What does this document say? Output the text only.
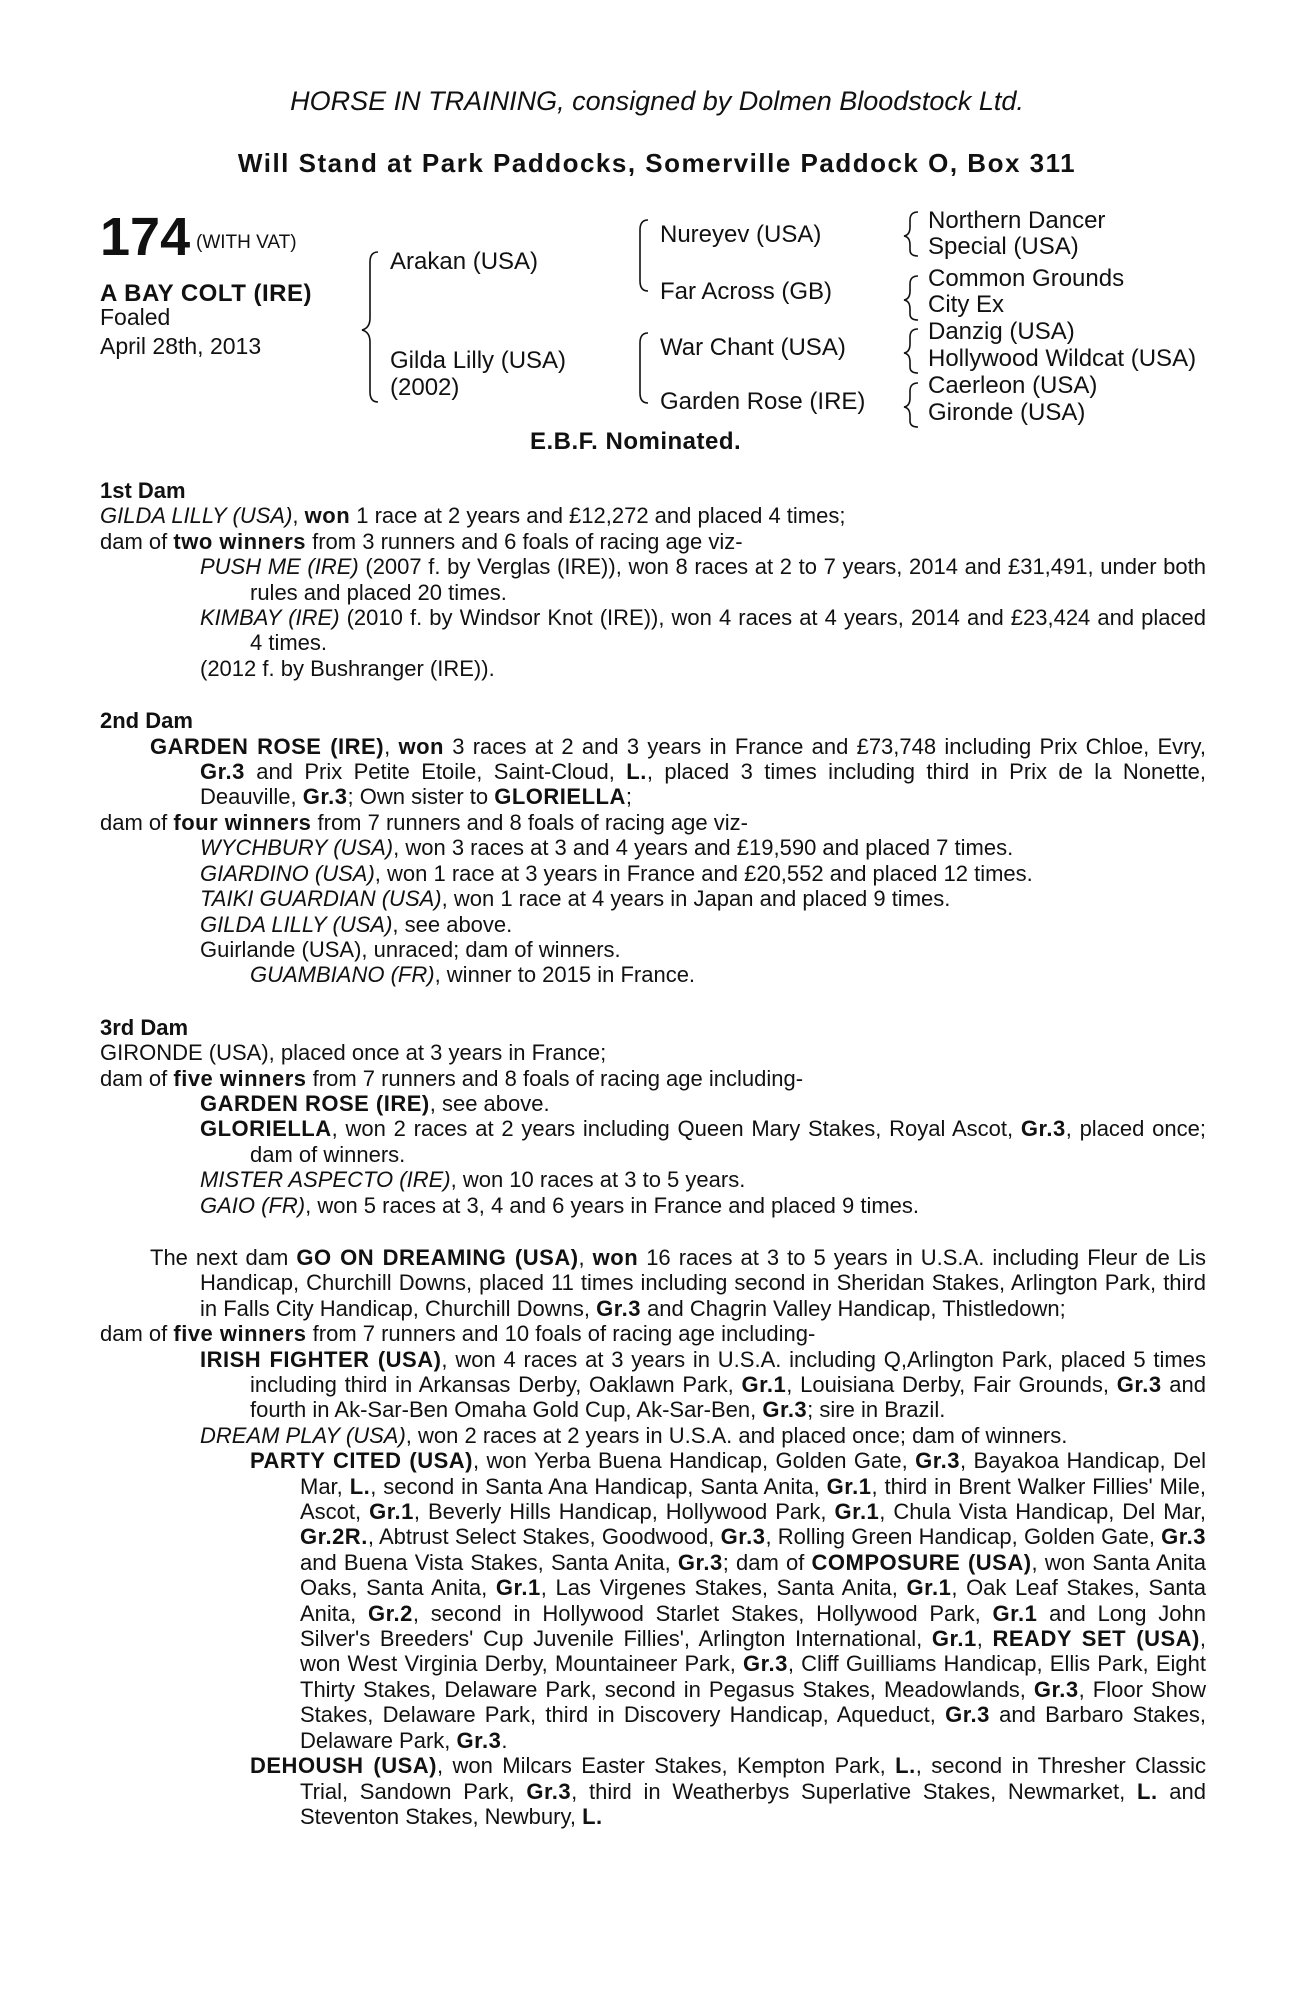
HORSE IN TRAINING, consigned by Dolmen Bloodstock Ltd.
Will Stand at Park Paddocks, Somerville Paddock O, Box 311
174 (WITH VAT)
A BAY COLT (IRE)
Foaled
April 28th, 2013
Arakan (USA)
Gilda Lilly (USA)
(2002)
Nureyev (USA)
Far Across (GB)
War Chant (USA)
Garden Rose (IRE)
Northern Dancer
Special (USA)
Common Grounds
City Ex
Danzig (USA)
Hollywood Wildcat (USA)
Caerleon (USA)
Gironde (USA)
E.B.F. Nominated.

1st Dam

GILDA LILLY (USA), won 1 race at 2 years and £12,272 and placed 4 times;

dam of two winners from 3 runners and 6 foals of racing age viz-

PUSH ME (IRE) (2007 f. by Verglas (IRE)), won 8 races at 2 to 7 years, 2014 and £31,491, under both rules and placed 20 times.

KIMBAY (IRE) (2010 f. by Windsor Knot (IRE)), won 4 races at 4 years, 2014 and £23,424 and placed 4 times.

(2012 f. by Bushranger (IRE)).

2nd Dam

GARDEN ROSE (IRE), won 3 races at 2 and 3 years in France and £73,748 including Prix Chloe, Evry, Gr.3 and Prix Petite Etoile, Saint-Cloud, L., placed 3 times including third in Prix de la Nonette, Deauville, Gr.3; Own sister to GLORIELLA;

dam of four winners from 7 runners and 8 foals of racing age viz-

WYCHBURY (USA), won 3 races at 3 and 4 years and £19,590 and placed 7 times.

GIARDINO (USA), won 1 race at 3 years in France and £20,552 and placed 12 times.

TAIKI GUARDIAN (USA), won 1 race at 4 years in Japan and placed 9 times.

GILDA LILLY (USA), see above.

Guirlande (USA), unraced; dam of winners.

GUAMBIANO (FR), winner to 2015 in France.

3rd Dam

GIRONDE (USA), placed once at 3 years in France;

dam of five winners from 7 runners and 8 foals of racing age including-

GARDEN ROSE (IRE), see above.

GLORIELLA, won 2 races at 2 years including Queen Mary Stakes, Royal Ascot, Gr.3, placed once; dam of winners.

MISTER ASPECTO (IRE), won 10 races at 3 to 5 years.

GAIO (FR), won 5 races at 3, 4 and 6 years in France and placed 9 times.

The next dam GO ON DREAMING (USA), won 16 races at 3 to 5 years in U.S.A. including Fleur de Lis Handicap, Churchill Downs, placed 11 times including second in Sheridan Stakes, Arlington Park, third in Falls City Handicap, Churchill Downs, Gr.3 and Chagrin Valley Handicap, Thistledown;

dam of five winners from 7 runners and 10 foals of racing age including-

IRISH FIGHTER (USA), won 4 races at 3 years in U.S.A. including Q,Arlington Park, placed 5 times including third in Arkansas Derby, Oaklawn Park, Gr.1, Louisiana Derby, Fair Grounds, Gr.3 and fourth in Ak-Sar-Ben Omaha Gold Cup, Ak-Sar-Ben, Gr.3; sire in Brazil.

DREAM PLAY (USA), won 2 races at 2 years in U.S.A. and placed once; dam of winners.

PARTY CITED (USA), won Yerba Buena Handicap, Golden Gate, Gr.3, Bayakoa Handicap, Del Mar, L., second in Santa Ana Handicap, Santa Anita, Gr.1, third in Brent Walker Fillies' Mile, Ascot, Gr.1, Beverly Hills Handicap, Hollywood Park, Gr.1, Chula Vista Handicap, Del Mar, Gr.2R., Abtrust Select Stakes, Goodwood, Gr.3, Rolling Green Handicap, Golden Gate, Gr.3 and Buena Vista Stakes, Santa Anita, Gr.3; dam of COMPOSURE (USA), won Santa Anita Oaks, Santa Anita, Gr.1, Las Virgenes Stakes, Santa Anita, Gr.1, Oak Leaf Stakes, Santa Anita, Gr.2, second in Hollywood Starlet Stakes, Hollywood Park, Gr.1 and Long John Silver's Breeders' Cup Juvenile Fillies', Arlington International, Gr.1, READY SET (USA), won West Virginia Derby, Mountaineer Park, Gr.3, Cliff Guilliams Handicap, Ellis Park, Eight Thirty Stakes, Delaware Park, second in Pegasus Stakes, Meadowlands, Gr.3, Floor Show Stakes, Delaware Park, third in Discovery Handicap, Aqueduct, Gr.3 and Barbaro Stakes, Delaware Park, Gr.3.

DEHOUSH (USA), won Milcars Easter Stakes, Kempton Park, L., second in Thresher Classic Trial, Sandown Park, Gr.3, third in Weatherbys Superlative Stakes, Newmarket, L. and Steventon Stakes, Newbury, L.
